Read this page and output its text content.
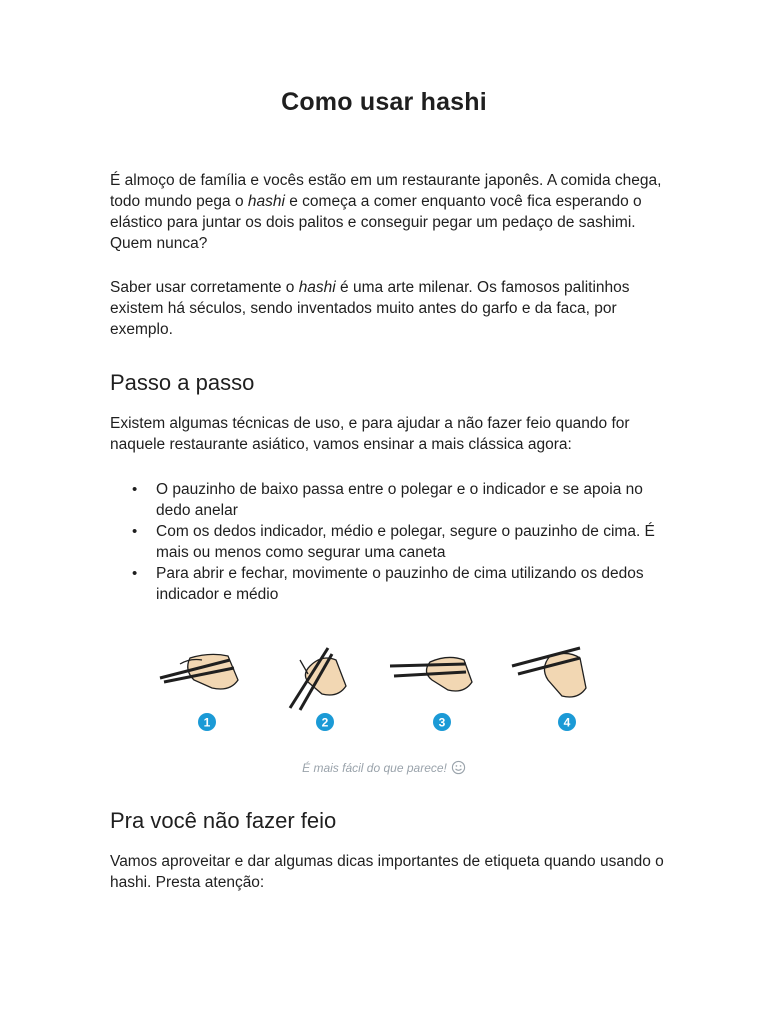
Como usar hashi

É almoço de família e vocês estão em um restaurante japonês. A comida chega, todo mundo pega o hashi e começa a comer enquanto você fica esperando o elástico para juntar os dois palitos e conseguir pegar um pedaço de sashimi. Quem nunca?

Saber usar corretamente o hashi é uma arte milenar. Os famosos palitinhos existem há séculos, sendo inventados muito antes do garfo e da faca, por exemplo.

Passo a passo

Existem algumas técnicas de uso, e para ajudar a não fazer feio quando for naquele restaurante asiático, vamos ensinar a mais clássica agora:

• O pauzinho de baixo passa entre o polegar e o indicador e se apoia no dedo anelar
• Com os dedos indicador, médio e polegar, segure o pauzinho de cima. É mais ou menos como segurar uma caneta
• Para abrir e fechar, movimente o pauzinho de cima utilizando os dedos indicador e médio
1	2	3	4
É mais fácil do que parece!
Pra você não fazer feio

Vamos aproveitar e dar algumas dicas importantes de etiqueta quando usando o hashi. Presta atenção:
